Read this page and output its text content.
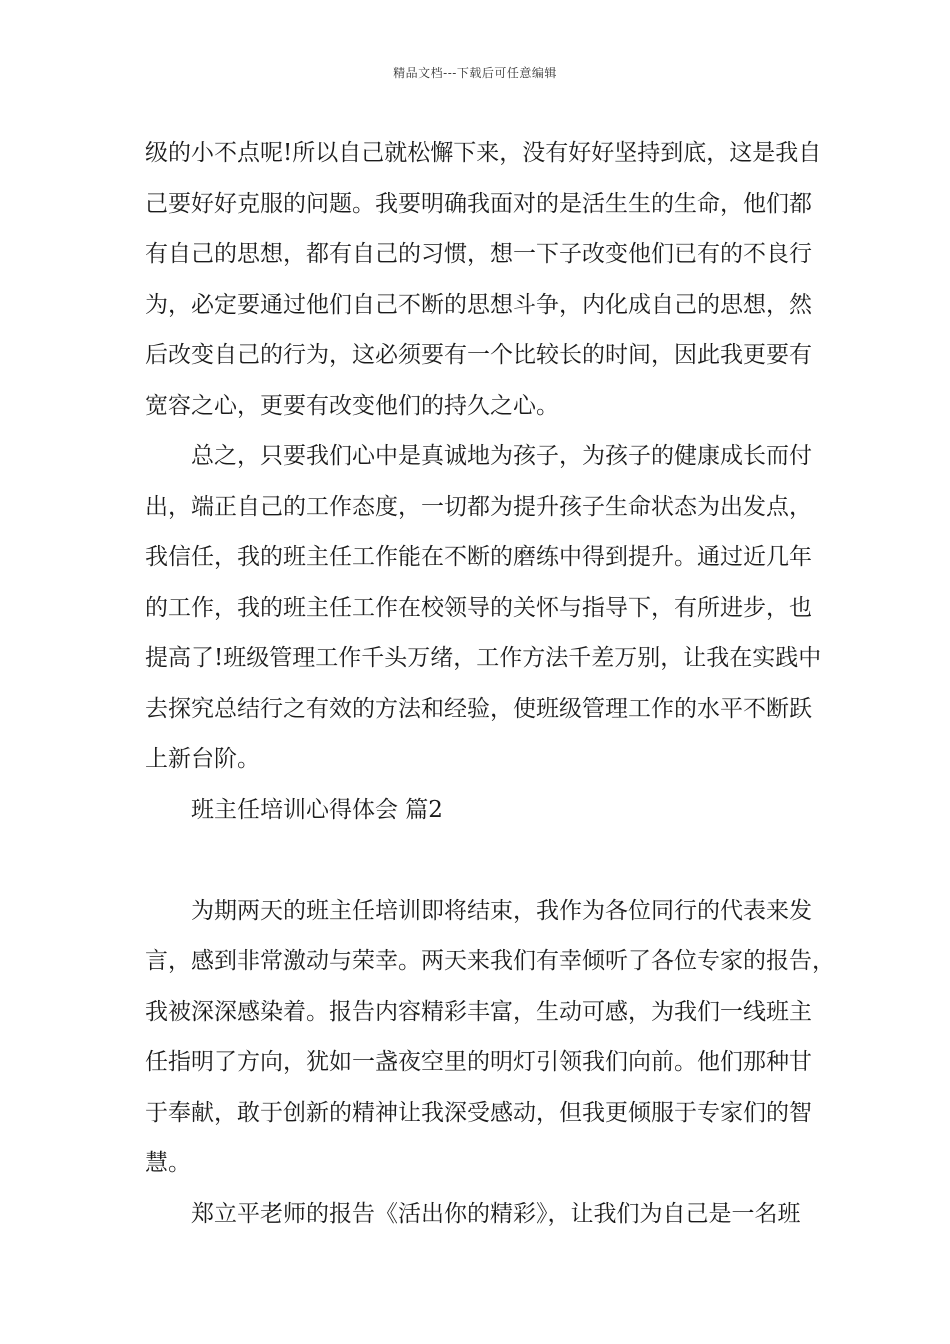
精品文档---下载后可任意编辑
级的小不点呢!所以自己就松懈下来，没有好好坚持到底，这是我自
己要好好克服的问题。我要明确我面对的是活生生的生命，他们都
有自己的思想，都有自己的习惯，想一下子改变他们已有的不良行
为，必定要通过他们自己不断的思想斗争，内化成自己的思想，然
后改变自己的行为，这必须要有一个比较长的时间，因此我更要有
宽容之心，更要有改变他们的持久之心。
总之，只要我们心中是真诚地为孩子，为孩子的健康成长而付
出，端正自己的工作态度，一切都为提升孩子生命状态为出发点，
我信任，我的班主任工作能在不断的磨练中得到提升。通过近几年
的工作，我的班主任工作在校领导的关怀与指导下，有所进步，也
提高了!班级管理工作千头万绪，工作方法千差万别，让我在实践中
去探究总结行之有效的方法和经验，使班级管理工作的水平不断跃
上新台阶。
班主任培训心得体会 篇2
为期两天的班主任培训即将结束，我作为各位同行的代表来发
言，感到非常激动与荣幸。两天来我们有幸倾听了各位专家的报告，
我被深深感染着。报告内容精彩丰富，生动可感，为我们一线班主
任指明了方向，犹如一盏夜空里的明灯引领我们向前。他们那种甘
于奉献，敢于创新的精神让我深受感动，但我更倾服于专家们的智
慧。
郑立平老师的报告《活出你的精彩》，让我们为自己是一名班
